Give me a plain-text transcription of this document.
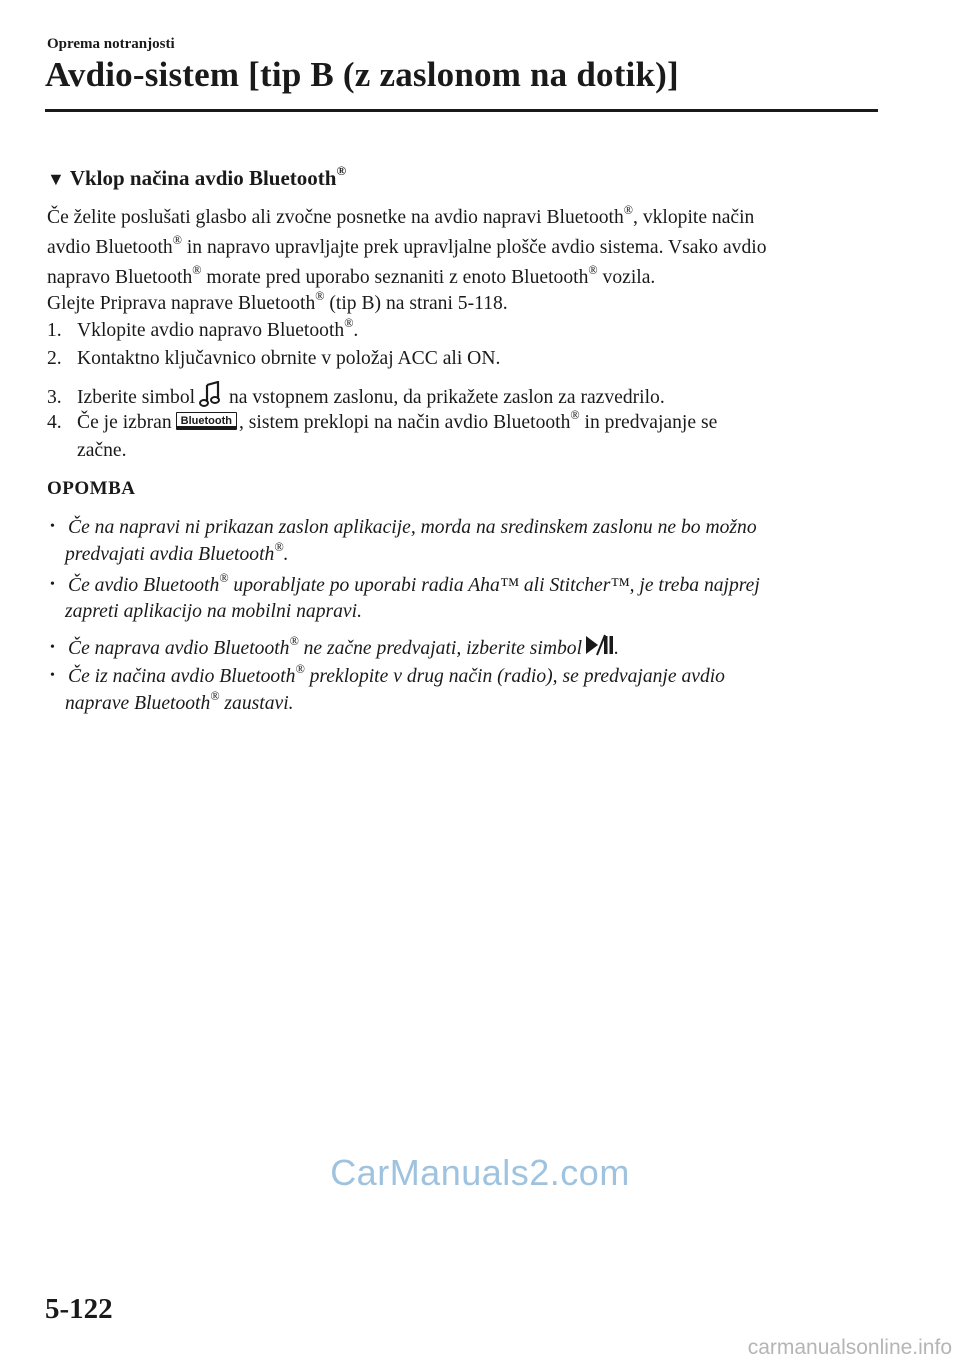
Oprema notranjosti
Avdio-sistem [tip B (z zaslonom na dotik)]
▼ Vklop načina avdio Bluetooth®
Če želite poslušati glasbo ali zvočne posnetke na avdio napravi Bluetooth®, vklopite način
avdio Bluetooth® in napravo upravljajte prek upravljalne plošče avdio sistema. Vsako avdio
napravo Bluetooth® morate pred uporabo seznaniti z enoto Bluetooth® vozila.
Glejte Priprava naprave Bluetooth® (tip B) na strani 5-118.
1. Vklopite avdio napravo Bluetooth®.
2. Kontaktno ključavnico obrnite v položaj ACC ali ON.
3. Izberite simbol na vstopnem zaslonu, da prikažete zaslon za razvedrilo.
4. Če je izbran Bluetooth , sistem preklopi na način avdio Bluetooth® in predvajanje se
začne.
OPOMBA
• Če na napravi ni prikazan zaslon aplikacije, morda na sredinskem zaslonu ne bo možno
predvajati avdia Bluetooth®.
• Če avdio Bluetooth® uporabljate po uporabi radia Aha™ ali Stitcher™, je treba najprej
zapreti aplikacijo na mobilni napravi.
• Če naprava avdio Bluetooth® ne začne predvajati, izberite simbol .
• Če iz načina avdio Bluetooth® preklopite v drug način (radio), se predvajanje avdio
naprave Bluetooth® zaustavi.
CarManuals2.com
5-122
carmanualsonline.info
